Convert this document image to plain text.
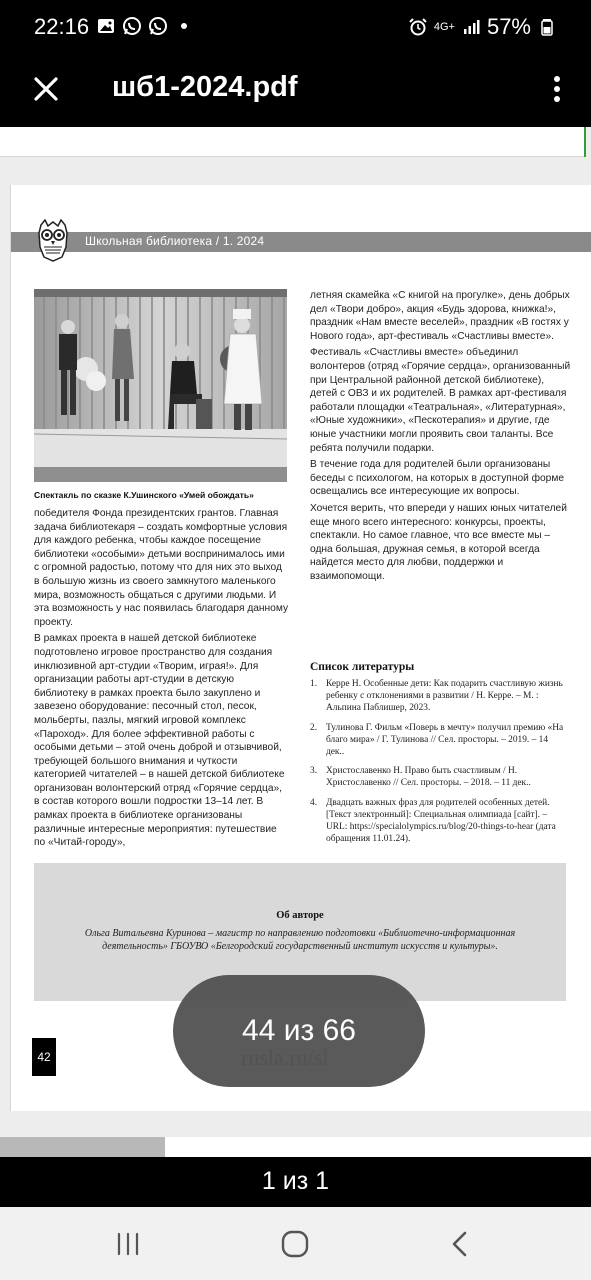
22:16	4G+ 57%
шб1-2024.pdf
Школьная библиотека / 1. 2024
Спектакль по сказке К.Ушинского «Умей обождать»

победителя Фонда президентских грантов. Главная задача библиотекаря – создать комфортные условия для каждого ребенка, чтобы каждое посещение библиотеки «особыми» детьми воспринималось ими с огромной радостью, потому что для них это выход в большую жизнь из своего замкнутого маленького мира, возможность общаться с другими людьми. И эта возможность у нас появилась благодаря данному проекту.

В рамках проекта в нашей детской библиотеке подготовлено игровое пространство для создания инклюзивной арт-студии «Творим, играя!». Для организации работы арт-студии в детскую библиотеку в рамках проекта было закуплено и завезено оборудование: песочный стол, песок, мольберты, пазлы, мягкий игровой комплекс «Пароход». Для более эффективной работы с особыми детьми – этой очень доброй и отзывчивой, требующей большого внимания и чуткости категорией читателей – в нашей детской библиотеке организован волонтерский отряд «Горячие сердца», в состав которого вошли подростки 13–14 лет. В рамках проекта в библиотеке организованы различные интересные мероприятия: путешествие по «Читай-городу»,

летняя скамейка «С книгой на прогулке», день добрых дел «Твори добро», акция «Будь здорова, книжка!», праздник «Нам вместе веселей», праздник «В гостях у Нового года», арт-фестиваль «Счастливы вместе».

Фестиваль «Счастливы вместе» объединил волонтеров (отряд «Горячие сердца», организованный при Центральной районной детской библиотеке), детей с ОВЗ и их родителей. В рамках арт-фестиваля работали площадки «Театральная», «Литературная», «Юные художники», «Пескотерапия» и другие, где юные участники могли проявить свои таланты. Все ребята получили подарки.

В течение года для родителей были организованы беседы с психологом, на которых в доступной форме освещались все интересующие их вопросы.

Хочется верить, что впереди у наших юных читателей еще много всего интересного: конкурсы, проекты, спектакли. Но самое главное, что все вместе мы – одна большая, дружная семья, в которой всегда найдется место для любви, поддержки и взаимопомощи.

Список литературы
1. Керре Н. Особенные дети: Как подарить счастливую жизнь ребенку с отклонениями в развитии / Н. Керре. – М. : Альпина Паблишер, 2023.
2. Тулинова Г. Фильм «Поверь в мечту» получил премию «На благо мира» / Г. Тулинова // Сел. просторы. – 2019. – 14 дек..
3. Христославенко Н. Право быть счастливым / Н. Христославенко // Сел. просторы. – 2018. – 11 дек..
4. Двадцать важных фраз для родителей особенных детей. [Текст электронный]: Специальная олимпиада [сайт]. – URL: https://specialolympics.ru/blog/20-things-to-hear (дата обращения 11.01.24).
Об авторе
Ольга Витальевна Куринова – магистр по направлению подготовки «Библиотечно-информационная деятельность» ГБОУВО «Белгородский государственный институт искусств и культуры».
42
44 из 66
1 из 1
